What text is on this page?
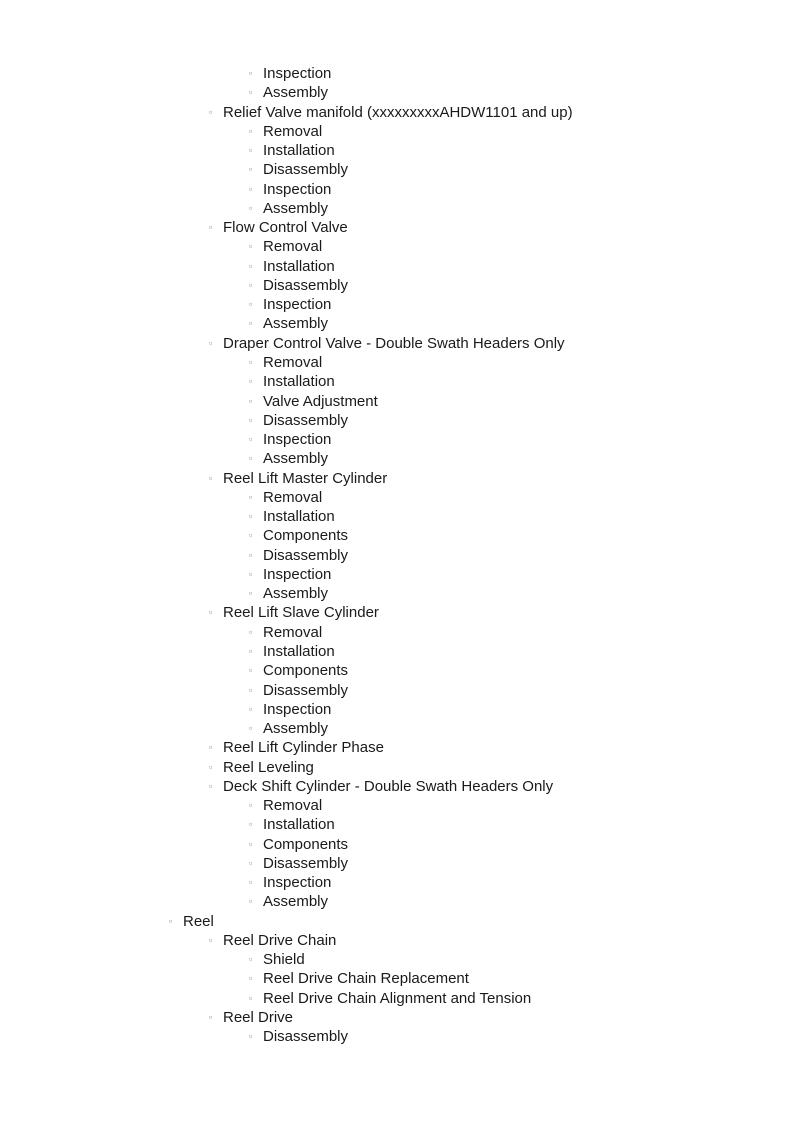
▫ Inspection
▫ Assembly
▫ Relief Valve manifold (xxxxxxxxxAHDW1101 and up)
▫ Removal
▫ Installation
▫ Disassembly
▫ Inspection
▫ Assembly
▫ Flow Control Valve
▫ Removal
▫ Installation
▫ Disassembly
▫ Inspection
▫ Assembly
▫ Draper Control Valve - Double Swath Headers Only
▫ Removal
▫ Installation
▫ Valve Adjustment
▫ Disassembly
▫ Inspection
▫ Assembly
▫ Reel Lift Master Cylinder
▫ Removal
▫ Installation
▫ Components
▫ Disassembly
▫ Inspection
▫ Assembly
▫ Reel Lift Slave Cylinder
▫ Removal
▫ Installation
▫ Components
▫ Disassembly
▫ Inspection
▫ Assembly
▫ Reel Lift Cylinder Phase
▫ Reel Leveling
▫ Deck Shift Cylinder - Double Swath Headers Only
▫ Removal
▫ Installation
▫ Components
▫ Disassembly
▫ Inspection
▫ Assembly
▫ Reel
▫ Reel Drive Chain
▫ Shield
▫ Reel Drive Chain Replacement
▫ Reel Drive Chain Alignment and Tension
▫ Reel Drive
▫ Disassembly
